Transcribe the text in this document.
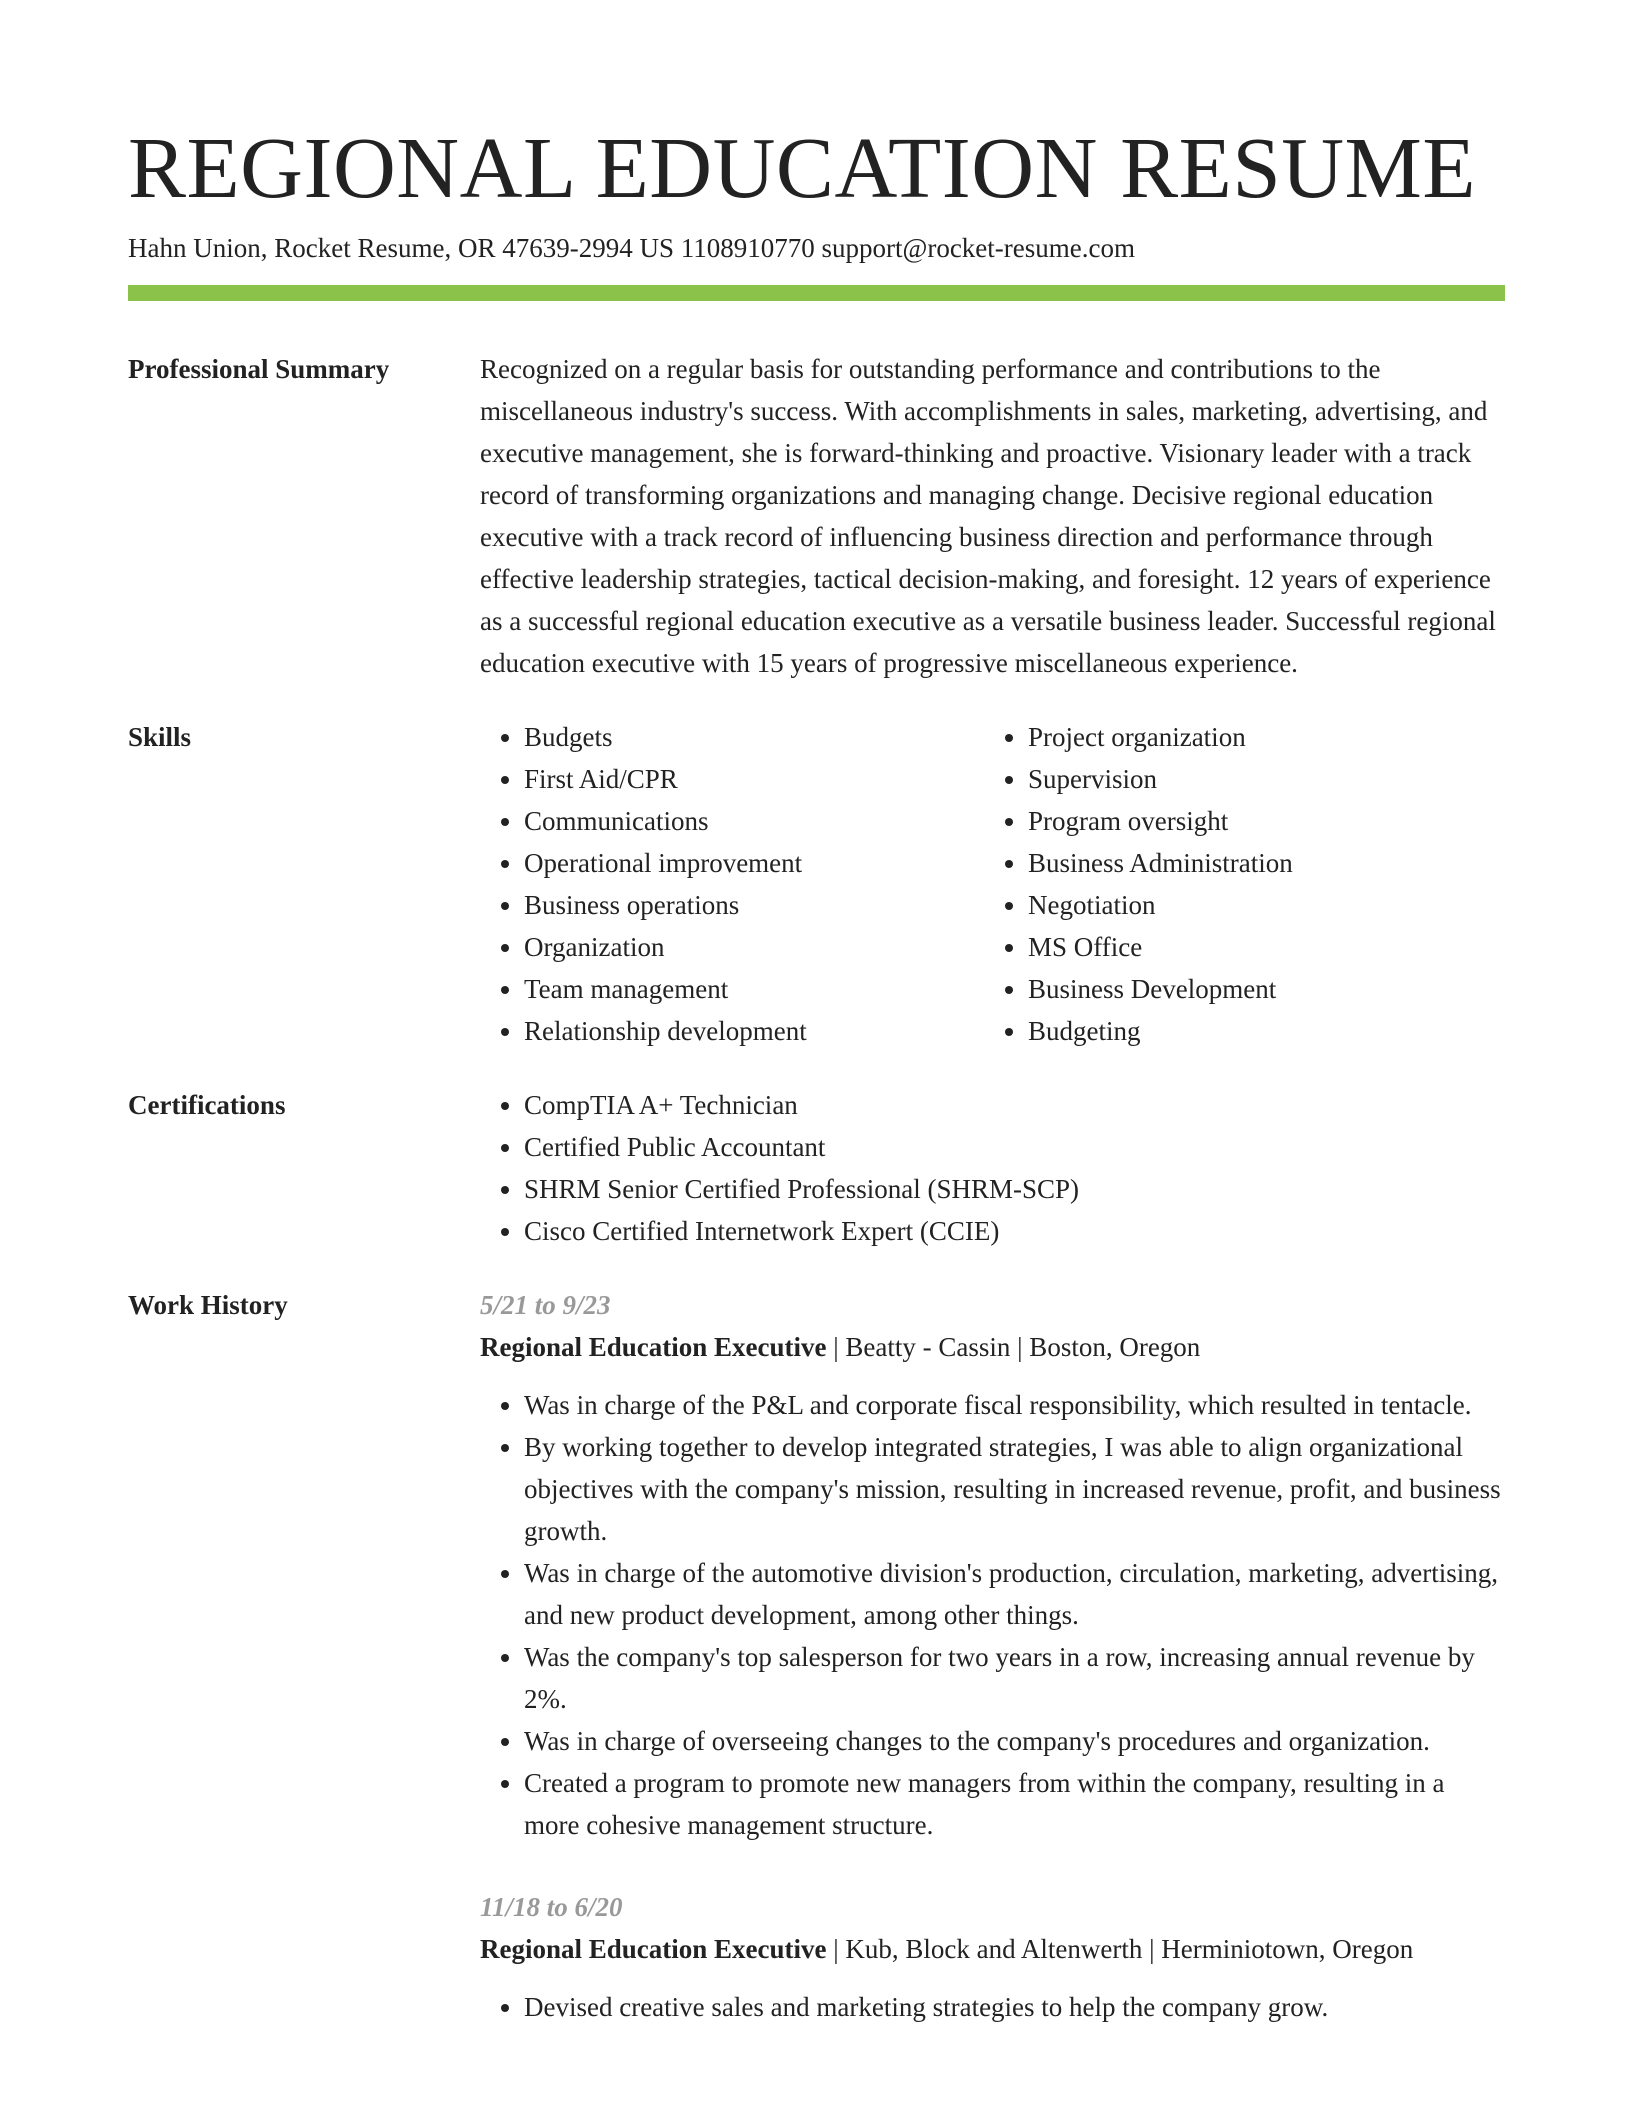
REGIONAL EDUCATION RESUME
Hahn Union, Rocket Resume, OR 47639-2994 US 1108910770 support@rocket-resume.com
Professional Summary	Recognized on a regular basis for outstanding performance and contributions to the miscellaneous industry's success. With accomplishments in sales, marketing, advertising, and executive management, she is forward-thinking and proactive. Visionary leader with a track record of transforming organizations and managing change. Decisive regional education executive with a track record of influencing business direction and performance through effective leadership strategies, tactical decision-making, and foresight. 12 years of experience as a successful regional education executive as a versatile business leader. Successful regional education executive with 15 years of progressive miscellaneous experience.

Skills	• Budgets
• First Aid/CPR
• Communications
• Operational improvement
• Business operations
• Organization
• Team management
• Relationship development
• Project organization
• Supervision
• Program oversight
• Business Administration
• Negotiation
• MS Office
• Business Development
• Budgeting
Certifications	• CompTIA A+ Technician
• Certified Public Accountant
• SHRM Senior Certified Professional (SHRM-SCP)
• Cisco Certified Internetwork Expert (CCIE)
Work History	5/21 to 9/23
Regional Education Executive | Beatty - Cassin | Boston, Oregon
• Was in charge of the P&L and corporate fiscal responsibility, which resulted in tentacle.
• By working together to develop integrated strategies, I was able to align organizational objectives with the company's mission, resulting in increased revenue, profit, and business growth.
• Was in charge of the automotive division's production, circulation, marketing, advertising, and new product development, among other things.
• Was the company's top salesperson for two years in a row, increasing annual revenue by 2%.
• Was in charge of overseeing changes to the company's procedures and organization.
• Created a program to promote new managers from within the company, resulting in a more cohesive management structure.
11/18 to 6/20
Regional Education Executive | Kub, Block and Altenwerth | Herminiotown, Oregon
• Devised creative sales and marketing strategies to help the company grow.
